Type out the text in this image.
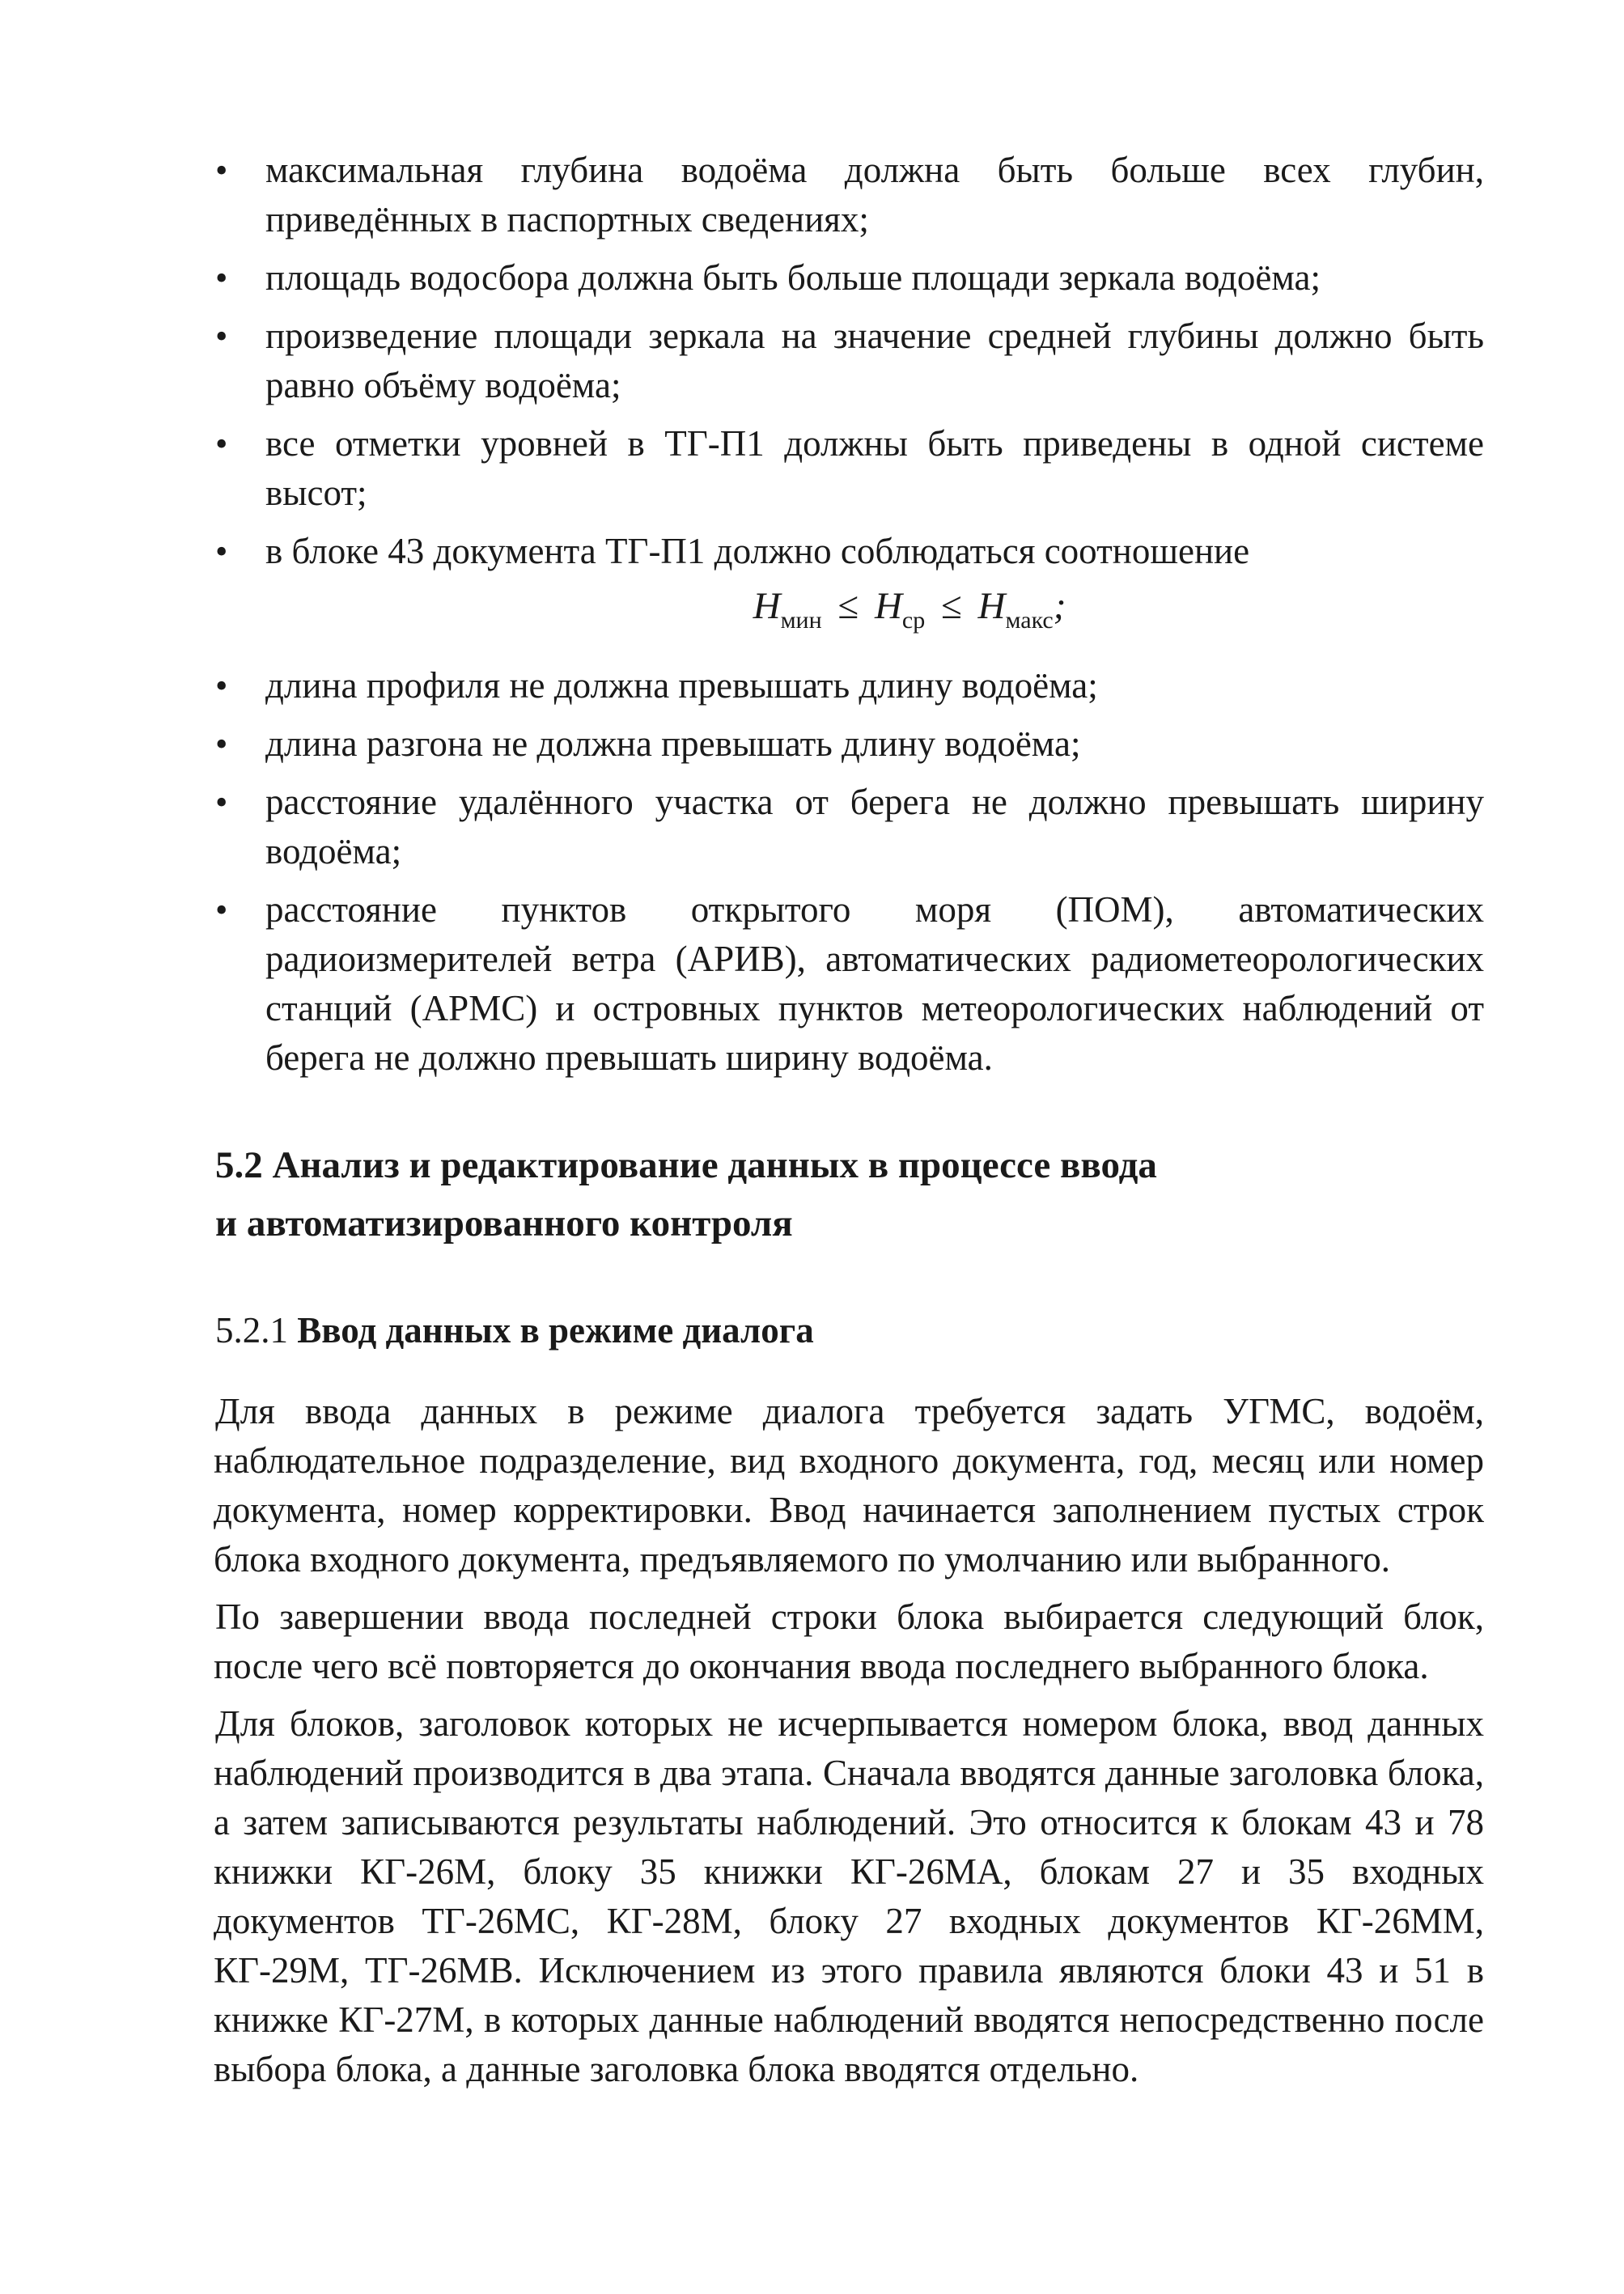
• максимальная глубина водоёма должна быть больше всех глубин, приведённых в паспортных сведениях;
• площадь водосбора должна быть больше площади зеркала водоёма;
• произведение площади зеркала на значение средней глубины должно быть равно объёму водоёма;
• все отметки уровней в ТГ-П1 должны быть приведены в одной системе высот;
• в блоке 43 документа ТГ-П1 должно соблюдаться соотношение
$H_{мин} \le H_{ср} \le H_{макс}$;
• длина профиля не должна превышать длину водоёма;
• длина разгона не должна превышать длину водоёма;
• расстояние удалённого участка от берега не должно превышать ширину водоёма;
• расстояние пунктов открытого моря (ПОМ), автоматических радиоизмерителей ветра (АРИВ), автоматических радиометеорологических станций (АРМС) и островных пунктов метеорологических наблюдений от берега не должно превышать ширину водоёма.
5.2 Анализ и редактирование данных в процессе ввода
и автоматизированного контроля
5.2.1 Ввод данных в режиме диалога

Для ввода данных в режиме диалога требуется задать УГМС, водоём, наблюдательное подразделение, вид входного документа, год, месяц или номер документа, номер корректировки. Ввод начинается заполнением пустых строк блока входного документа, предъявляемого по умолчанию или выбранного.

По завершении ввода последней строки блока выбирается следующий блок, после чего всё повторяется до окончания ввода последнего выбранного блока.

Для блоков, заголовок которых не исчерпывается номером блока, ввод данных наблюдений производится в два этапа. Сначала вводятся данные заголовка блока, а затем записываются результаты наблюдений. Это относится к блокам 43 и 78 книжки КГ-26М, блоку 35 книжки КГ-26МА, блокам 27 и 35 входных документов ТГ-26МС, КГ-28М, блоку 27 входных документов КГ-26ММ, КГ-29М, ТГ-26МВ. Исключением из этого правила являются блоки 43 и 51 в книжке КГ-27М, в которых данные наблюдений вводятся непосредственно после выбора блока, а данные заголовка блока вводятся отдельно.
